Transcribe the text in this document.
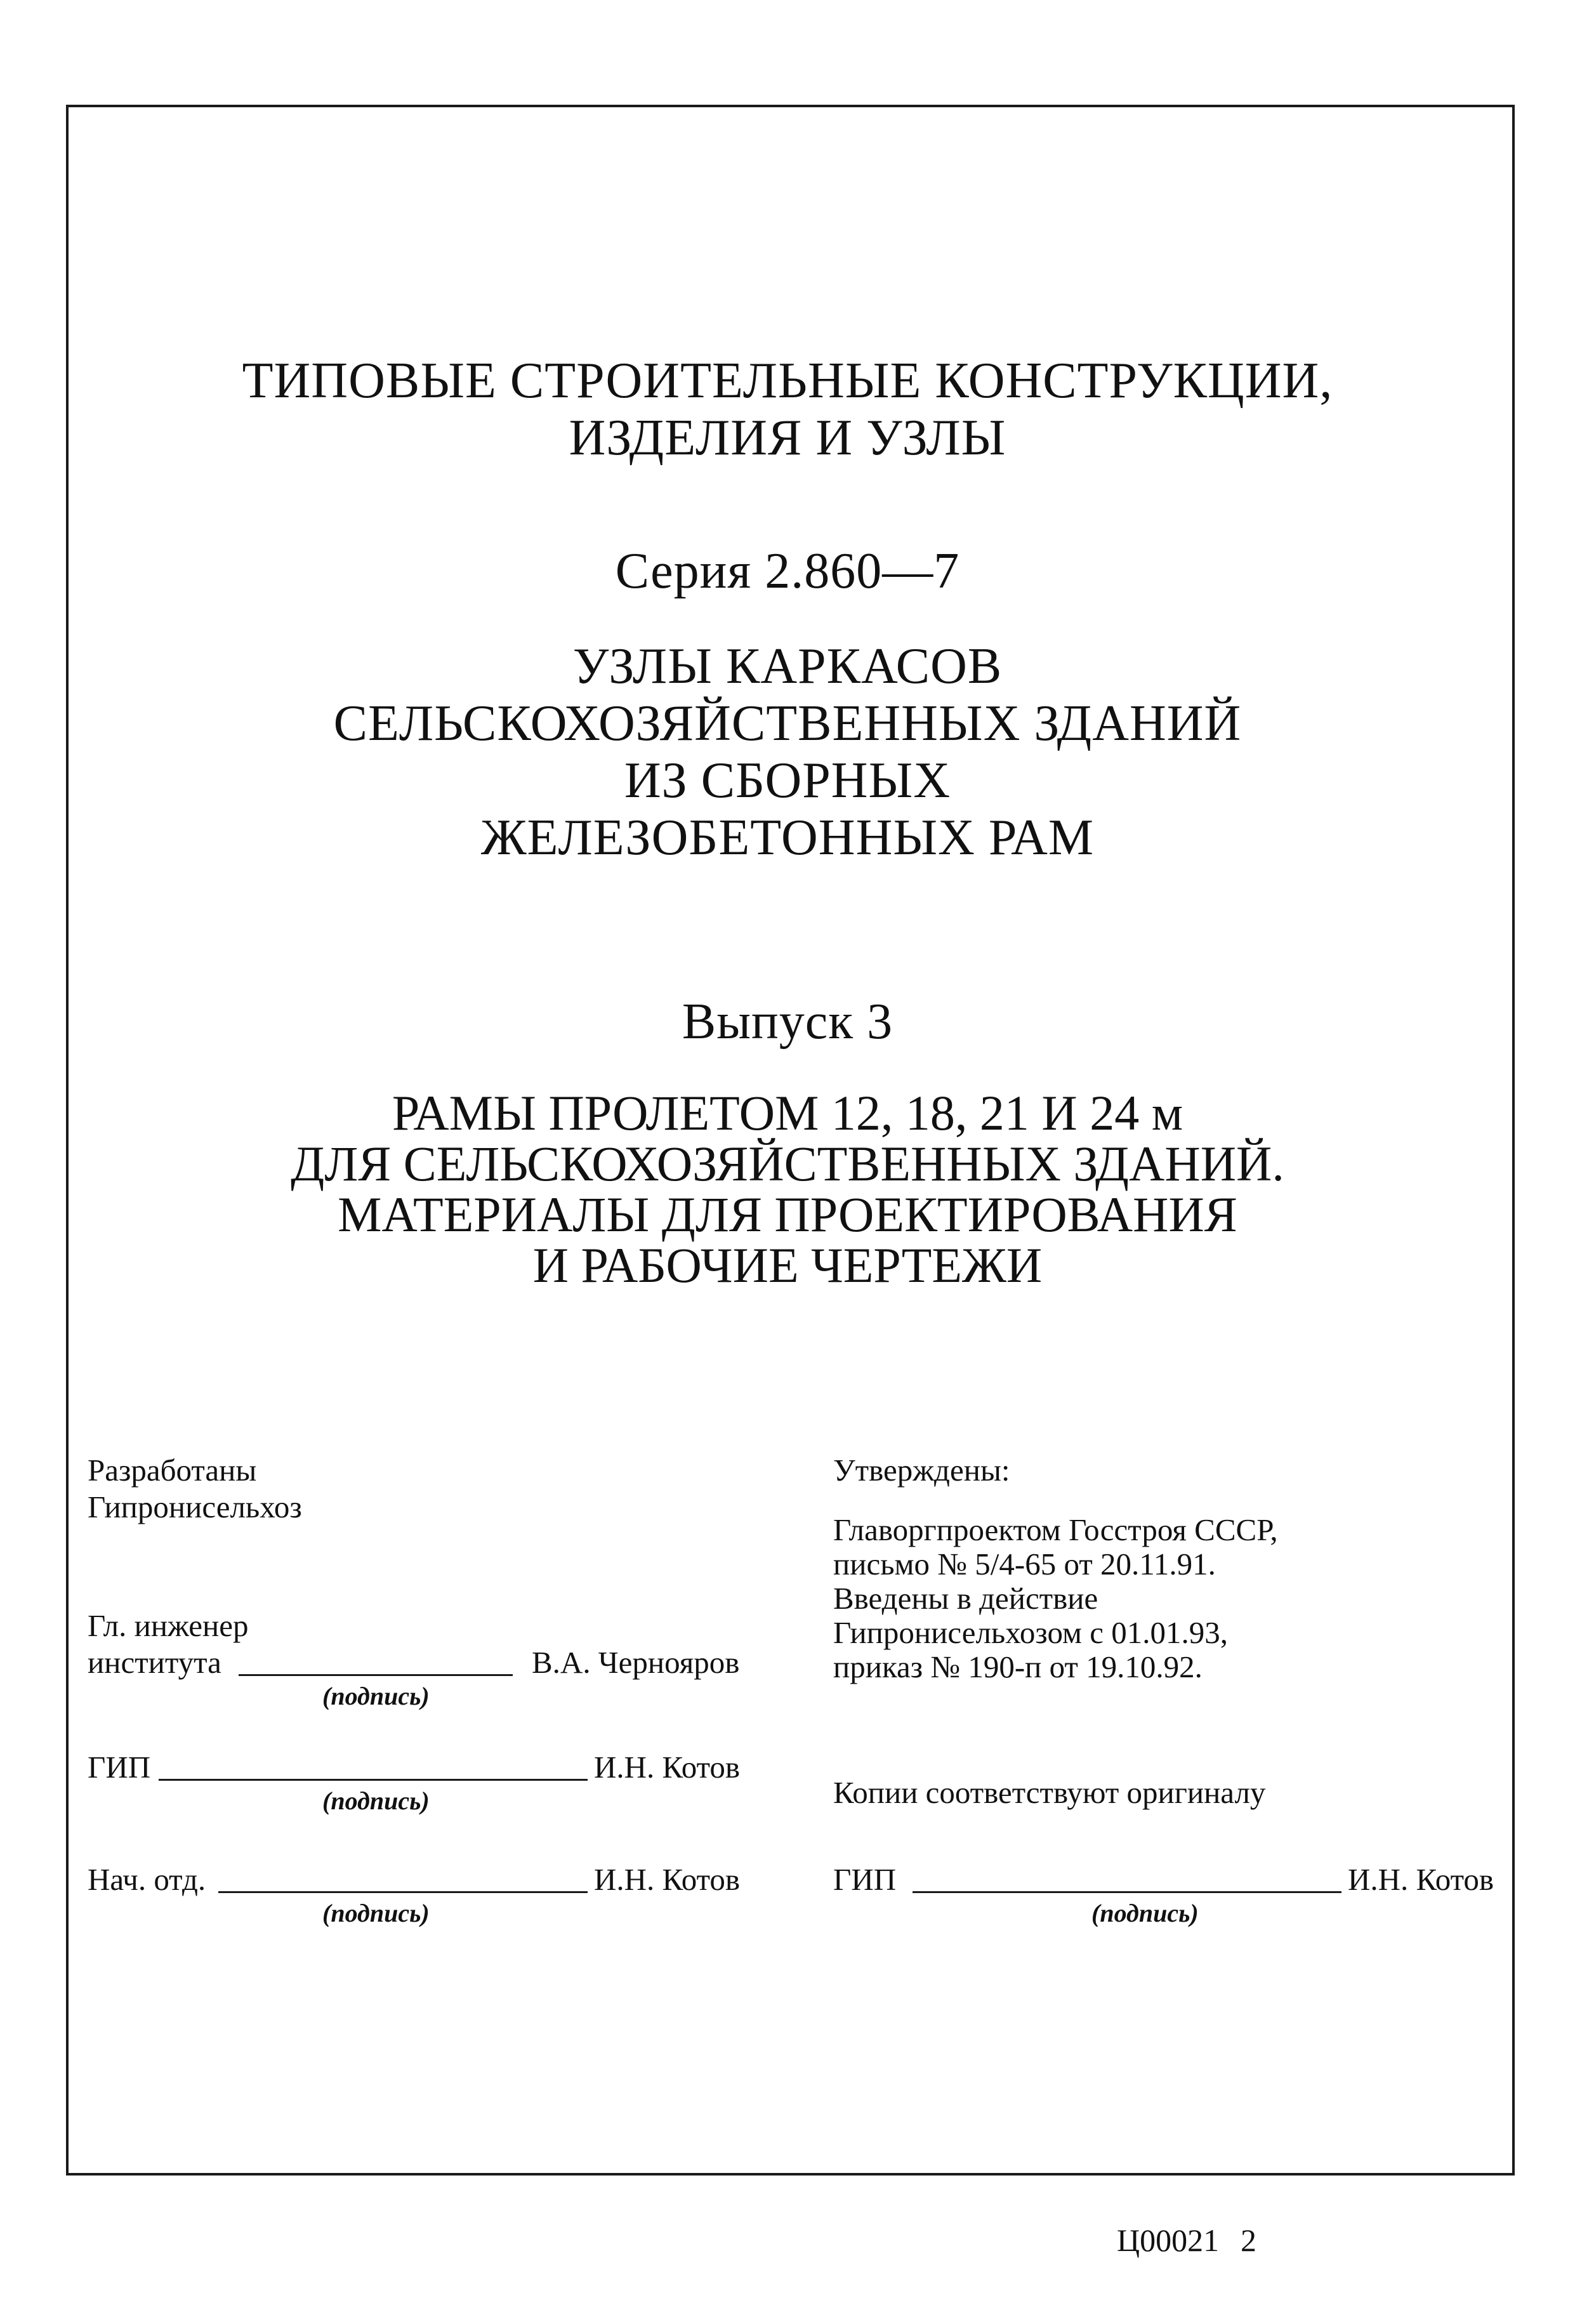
ТИПОВЫЕ СТРОИТЕЛЬНЫЕ КОНСТРУКЦИИ,
ИЗДЕЛИЯ И УЗЛЫ
Серия 2.860—7
УЗЛЫ КАРКАСОВ
СЕЛЬСКОХОЗЯЙСТВЕННЫХ ЗДАНИЙ
ИЗ СБОРНЫХ
ЖЕЛЕЗОБЕТОННЫХ РАМ
Выпуск 3
РАМЫ ПРОЛЕТОМ 12, 18, 21 И 24 м
ДЛЯ СЕЛЬСКОХОЗЯЙСТВЕННЫХ ЗДАНИЙ.
МАТЕРИАЛЫ ДЛЯ ПРОЕКТИРОВАНИЯ
И РАБОЧИЕ ЧЕРТЕЖИ
Разработаны
Гипронисельхоз
Гл. инженер
института	В.А. Чернояров
(подпись)
ГИП	И.Н. Котов
(подпись)
Нач. отд.	И.Н. Котов
(подпись)
Утверждены:
Главоргпроектом Госстроя СССР,
письмо № 5/4-65 от 20.11.91.
Введены в действие
Гипронисельхозом с 01.01.93,
приказ № 190-п от 19.10.92.
Копии соответствуют оригиналу
ГИП	И.Н. Котов
(подпись)
Ц00021 2
